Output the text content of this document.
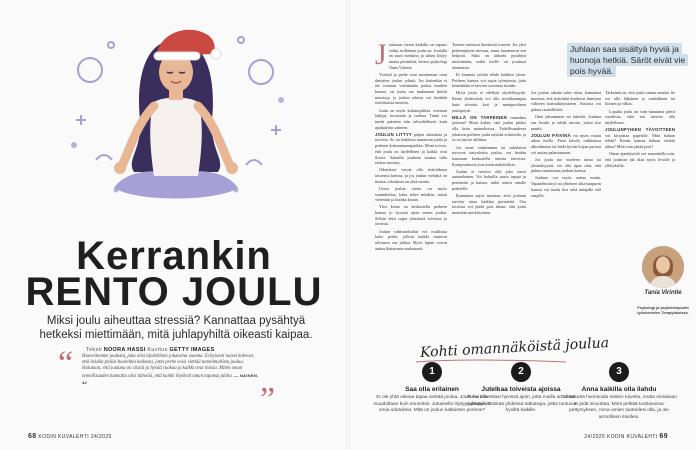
Kerrankin
RENTO JOULU
Miksi joulu aiheuttaa stressiä? Kannattaa pysähtyä hetkeksi miettimään, mitä juhlapyhiltä oikeasti kaipaa.
Teksti NOORA HASSI Kuvitus GETTY IMAGES
“ Haaveilemme joulusta, joka olisi täydellinen jokaisena vuonna. Erityisesti naiset kokevat, että heidän pitäisi huolehtia kaikesta, jotta perhe voisi viettää tunnelmallista joulua. Halutaan, että jouluna on siistiä ja hyvää ruokaa ja kaikki ovat iloisia. Miten oman onnellisuuden kannalta olisi tärkeää, että kaikki löytävät oman tapansa juhlia. — NAINEN, 42	”
68 KODIN KUVALEHTI 24/2025

Jouluaan vieton kaikilla on vapaus valita, millainen joulu on. Joululla on suuri merkitys ja siihen liittyy monia perinteitä, kertoo psykologi Tania Virintie.

Ystävät ja perhe ovat suurimman osan ihmisten joulun ydintä. Jos kuitenkin ei ole tottunut viettämään joulua muiden kanssa, tai joulu tuo mukanaan ikäviä muistoja, jo joulun odotus voi herättää ristiriitaisia tunteita.

Joulu on myös kulutusjuhlaa: ostetaan lahjoja, koristeita ja ruokaa. Tämä voi tuoda paineita niin taloudellisesti kuin ajankäytön suhteen.

JOULUN LITTYY paljon odotuksia ja toiveita. Se on kaikkein tunnetuin juhla ja perheen kokoontumispaikka. Moni toivoo, että joulu on täydellinen ja kaikki ovat iloisia. Samalla joulusta saattaa tulla raskas suoritus.

Odotukset voivat olla ristiriidassa toistensa kanssa, ja jos joulun viettäjiä on monta, odotuksia on yhtä monta.

Usein joulun vietto on myös suunnittelua: kuka tekee mitäkin, missä vietetään ja kuinka kauan.

Yksi keino on keskustella perheen kanssa jo hyvissä ajoin ennen joulua. Silloin ehtii sopia yhteisistä toiveista ja tavoista.

Joulun valmisteluihin voi osallistua koko perhe, jolloin kaikki tuntevat olevansa osa juhlaa. Myös lapset voivat auttaa ikätasonsa mukaisesti.

Tunteet tarttuvat ihmisestä toiseen. Jos yksi perheenjäsen stressaa, muut huomaavat sen helposti. Siksi on tärkeää pysähtyä miettimään, mikä itselle on joulussa olennaista.

Ei kannata yrittää tehdä kaikkea yksin. Perheen kanssa voi sopia työnjaosta, jotta kenenkään ei tarvitse uuvuttaa itseään.

Hyvä joulu ei edellytä täydellisyyttä. Rento yhdessäolo voi olla arvokkaampaa kuin siivottu koti ja monipuolinen joulupöytä.

MILLÄ ON TARPEINEN tunnelma jouluna? Moni kokee, että joulun pitäisi olla kuin mainoksissa. Todellisuudessa jokaisen perheen joulu näyttää erilaiselta, ja se on täysin sallittua.

Jos omat vanhemmat tai sukulaiset toivovat tietynlaista joulua, voi heidän kanssaan keskustella omista toiveista. Kompromissit ovat usein mahdollisia.

Joulun ei tarvitse olla joka vuosi samanlainen. Voi kokeilla uusia tapoja ja perinteitä ja katsoa, mikä toimii omalle perheelle.

Kannattaa myös muistaa, ettei jouluun tarvitse ottaa kaikkia perinteitä. Osa tavoista voi jäädä pois ilman, että joulu menettää merkitystään.

Juhlaan saa sisältyä hyviä ja huonoja hetkiä. Säröt eivät vie pois hyvää.

Jos joulun aikana tulee riitaa, kannattaa muistaa, että ristiriidat kuuluvat ihmisten väliseen kanssakäymiseen. Asioista voi puhua rauhallisesti.

Oma jaksaminen on tärkeää. Jouluna saa levätä ja tehdä asioita, joista itse nauttii.

JOULUN PÄIVINÄ voi myös varata aikaa itselle. Pieni kävely raikkaassa ulkoilmassa tai hetki hyvän kirjan parissa voi auttaa palautumaan.

Jos joulu tuo mieleen surua tai yksinäisyyttä, voi olla apua siitä, että puhuu tunteistaan jonkun kanssa.

Jouluna voi myös auttaa muita. Vapaaehtoistyö tai yhteinen aika naapurin kanssa voi tuoda iloa sekä antajalle että saajalle.

Tärkeintä on, että joulu tuntuu omalta. Se voi olla hiljainen ja rauhallinen tai iloinen ja vilkas.

Lopulta joulu on vain muutama päivä vuodessa, eikä sen tarvitse olla täydellinen.

JOULUNPYHIEN TÄVOITTEEN voi kirjoittaa paperille. Mitä haluan tehdä? Kenen kanssa haluan viettää aikaa? Mitä voin jättää pois?

Omaa ajankäyttöä voi suunnitella niin, että joulussa jää tilaa myös levolle ja yllätyksille.

Tania Virintie
Psykologi ja psykoterapeutti työskentelee Terapytaloissa.
Kohti omannäköistä joulua
1
Saa olla erilainen
Ei ole yhtä oikeaa tapaa viettää joulua. Joulu voi olla muodoltaan kuin ennenkin. Jokaisella löytyy juhlapyhiin omia odotuksia. Mitä on joulun kaltaisten perinne?
2
Jutelkaa toiveista ajoissa
Puhu toiveistasi hyvissä ajoin, jotta muilla on aikaa sopeutua. Etsikää yhdessä ratkaisuja, jotka tuntuvat hyviltä kaikille.
3
Anna kaikilla olla ilahdu
On tärkeää huomioida toisten toiveita, mutta omiakaan ei pidä sivuuttaa. Moni pelkää tuottavansa pettymyksen. Anna omien tunteidesi olla, ja ole armollinen itsellesi.
24/2025 KODIN KUVALEHTI 69
